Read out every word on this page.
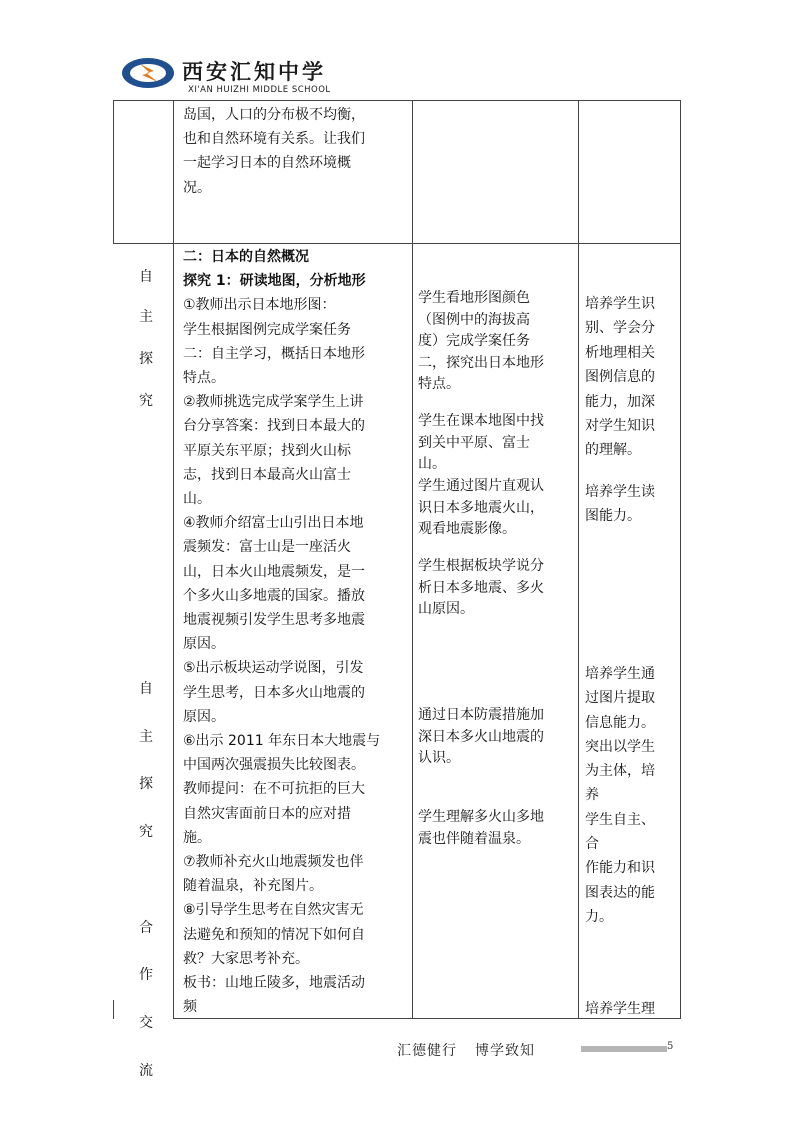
西安汇知中学
XI'AN HUIZHI MIDDLE SCHOOL

岛国，人口的分布极不均衡，

也和自然环境有关系。让我们

一起学习日本的自然环境概

况。

自
主
探
究
自
主
探
究
合
作
交
流

二：日本的自然概况

探究 1：研读地图，分析地形

①教师出示日本地形图：

学生根据图例完成学案任务

二：自主学习，概括日本地形

特点。

②教师挑选完成学案学生上讲

台分享答案：找到日本最大的

平原关东平原；找到火山标

志，找到日本最高火山富士

山。

④教师介绍富士山引出日本地

震频发：富士山是一座活火

山，日本火山地震频发，是一

个多火山多地震的国家。播放

地震视频引发学生思考多地震

原因。

⑤出示板块运动学说图，引发

学生思考，日本多火山地震的

原因。

⑥出示 2011 年东日本大地震与

中国两次强震损失比较图表。

教师提问：在不可抗拒的巨大

自然灾害面前日本的应对措

施。

⑦教师补充火山地震频发也伴

随着温泉，补充图片。

⑧引导学生思考在自然灾害无

法避免和预知的情况下如何自

救？大家思考补充。

板书：山地丘陵多，地震活动

频

学生看地形图颜色

（图例中的海拔高

度）完成学案任务

二，探究出日本地形

特点。

学生在课本地图中找

到关中平原、富士

山。

学生通过图片直观认

识日本多地震火山，

观看地震影像。

学生根据板块学说分

析日本多地震、多火

山原因。

通过日本防震措施加

深日本多火山地震的

认识。

学生理解多火山多地

震也伴随着温泉。

培养学生识

别、学会分

析地理相关

图例信息的

能力，加深

对学生知识

的理解。

培养学生读

图能力。

培养学生通

过图片提取

信息能力。

突出以学生

为主体，培

养

学生自主、

合

作能力和识

图表达的能

力。

培养学生理

汇德健行 博学致知	5
